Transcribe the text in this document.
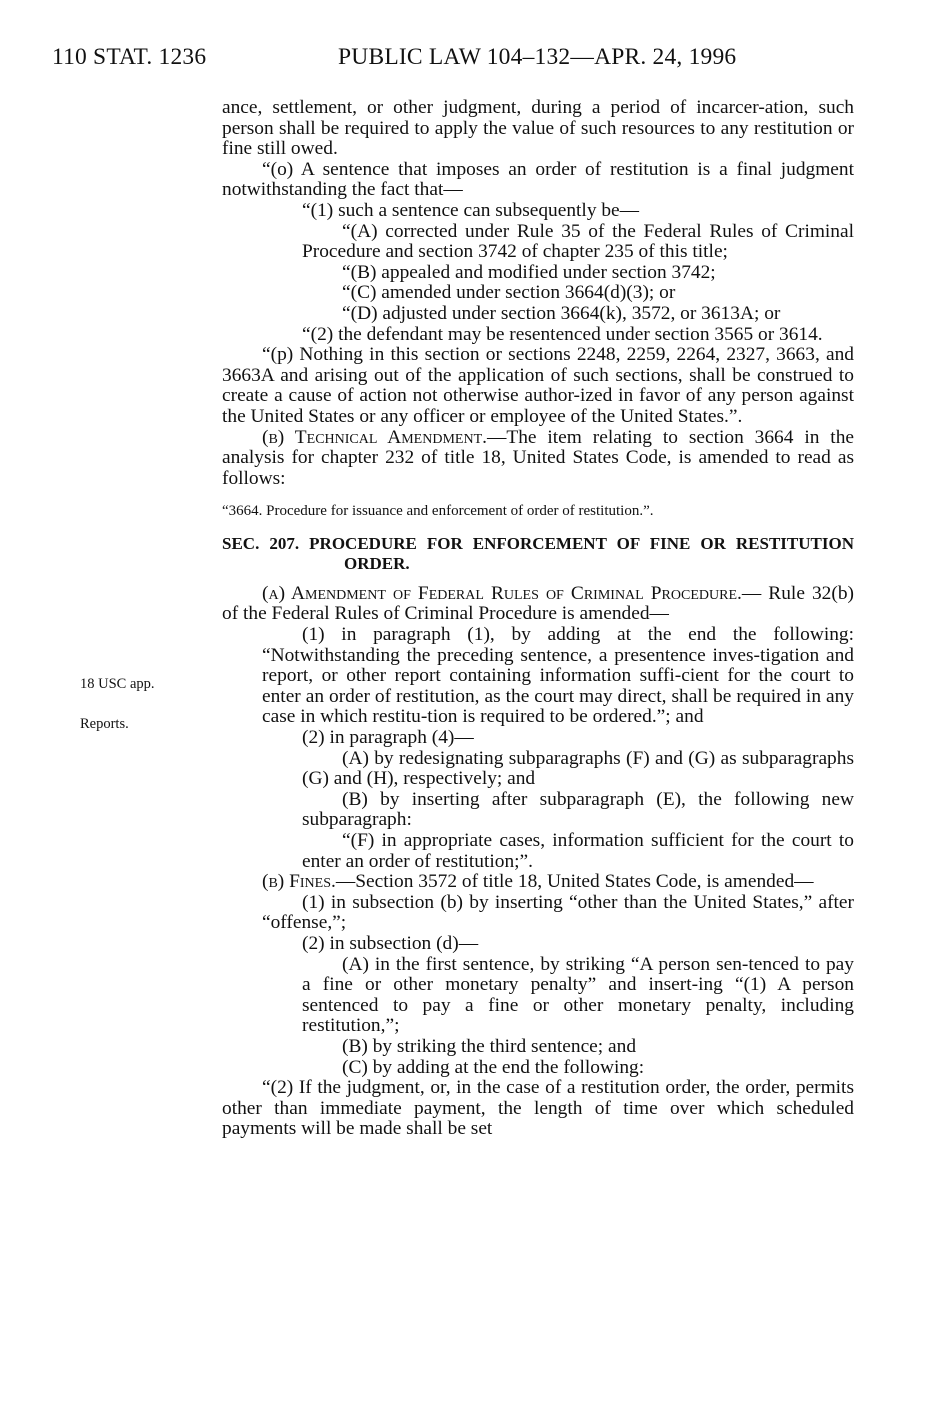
110 STAT. 1236	PUBLIC LAW 104–132—APR. 24, 1996
18 USC app.
Reports.

ance, settlement, or other judgment, during a period of incarcer-ation, such person shall be required to apply the value of such resources to any restitution or fine still owed.

“(o) A sentence that imposes an order of restitution is a final judgment notwithstanding the fact that—

“(1) such a sentence can subsequently be—

“(A) corrected under Rule 35 of the Federal Rules of Criminal Procedure and section 3742 of chapter 235 of this title;

“(B) appealed and modified under section 3742;

“(C) amended under section 3664(d)(3); or

“(D) adjusted under section 3664(k), 3572, or 3613A; or

“(2) the defendant may be resentenced under section 3565 or 3614.

“(p) Nothing in this section or sections 2248, 2259, 2264, 2327, 3663, and 3663A and arising out of the application of such sections, shall be construed to create a cause of action not otherwise author-ized in favor of any person against the United States or any officer or employee of the United States.”.

(b) Technical Amendment.—The item relating to section 3664 in the analysis for chapter 232 of title 18, United States Code, is amended to read as follows:

“3664. Procedure for issuance and enforcement of order of restitution.”.

SEC. 207. PROCEDURE FOR ENFORCEMENT OF FINE OR RESTITUTION ORDER.

(a) Amendment of Federal Rules of Criminal Procedure.— Rule 32(b) of the Federal Rules of Criminal Procedure is amended—

(1) in paragraph (1), by adding at the end the following: “Notwithstanding the preceding sentence, a presentence inves-tigation and report, or other report containing information suffi-cient for the court to enter an order of restitution, as the court may direct, shall be required in any case in which restitu-tion is required to be ordered.”; and

(2) in paragraph (4)—

(A) by redesignating subparagraphs (F) and (G) as subparagraphs (G) and (H), respectively; and

(B) by inserting after subparagraph (E), the following new subparagraph:

“(F) in appropriate cases, information sufficient for the court to enter an order of restitution;”.

(b) Fines.—Section 3572 of title 18, United States Code, is amended—

(1) in subsection (b) by inserting “other than the United States,” after “offense,”;

(2) in subsection (d)—

(A) in the first sentence, by striking “A person sen-tenced to pay a fine or other monetary penalty” and insert-ing “(1) A person sentenced to pay a fine or other monetary penalty, including restitution,”;

(B) by striking the third sentence; and

(C) by adding at the end the following:

“(2) If the judgment, or, in the case of a restitution order, the order, permits other than immediate payment, the length of time over which scheduled payments will be made shall be set
